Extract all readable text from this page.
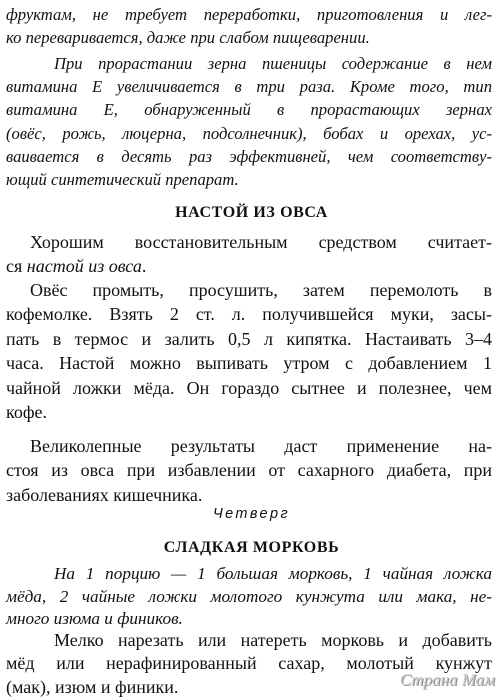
фруктам, не требует переработки, приготовления и лег-
ко переваривается, даже при слабом пищеварении.
При прорастании зерна пшеницы содержание в нем
витамина Е увеличивается в три раза. Кроме того, тип
витамина Е, обнаруженный в прорастающих зернах
(овёс, рожь, люцерна, подсолнечник), бобах и орехах, ус-
ваивается в десять раз эффективней, чем соответству-
ющий синтетический препарат.
НАСТОЙ ИЗ ОВСА
Хорошим восстановительным средством считает-
ся настой из овса.
Овёс промыть, просушить, затем перемолоть в
кофемолке. Взять 2 ст. л. получившейся муки, засы-
пать в термос и залить 0,5 л кипятка. Настаивать 3–4
часа. Настой можно выпивать утром с добавлением 1
чайной ложки мёда. Он гораздо сытнее и полезнее, чем
кофе.
Великолепные результаты даст применение на-
стоя из овса при избавлении от сахарного диабета, при
заболеваниях кишечника.
Четверг
СЛАДКАЯ МОРКОВЬ
На 1 порцию — 1 большая морковь, 1 чайная ложка
мёда, 2 чайные ложки молотого кунжута или мака, не-
много изюма и фиников.
Мелко нарезать или натереть морковь и добавить
мёд или нерафинированный сахар, молотый кунжут
(мак), изюм и финики.	Страна Мам
